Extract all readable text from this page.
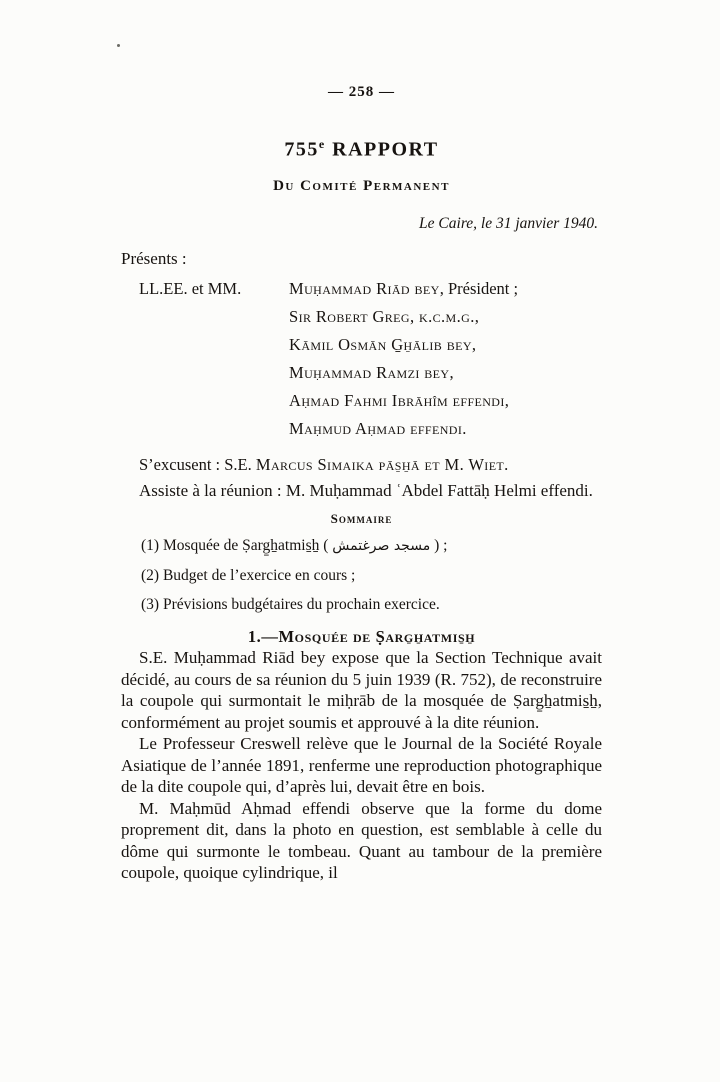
— 258 —
755e RAPPORT
Du Comité Permanent
Le Caire, le 31 janvier 1940.
Présents :
LL.EE. et MM.	Muḥammad Riād bey, Président ;
Sir Robert Greg, k.c.m.g.,
Kāmil Osmān G̱ẖālib bey,
Muḥammad Ramzi bey,
Aḥmad Fahmi Ibrāhîm effendi,
Maḥmud Aḥmad effendi.
S’excusent : S.E. Marcus Simaika pās̱ẖā et M. Wiet.

Assiste à la réunion : M. Muḥammad ʿAbdel Fattāḥ Helmi effendi.

Sommaire
(1) Mosquée de Ṣarg̱ẖatmis̱ẖ ( مسجد صرغتمش ) ;
(2) Budget de l’exercice en cours ;
(3) Prévisions budgétaires du prochain exercice.
1.—Mosquée de Ṣarg̱ẖatmis̱ẖ

S.E. Muḥammad Riād bey expose que la Section Technique avait décidé, au cours de sa réunion du 5 juin 1939 (R. 752), de reconstruire la coupole qui surmontait le miḥrāb de la mosquée de Ṣarg̱ẖatmis̱ẖ, conformément au projet soumis et approuvé à la dite réunion.

Le Professeur Creswell relève que le Journal de la Société Royale Asiatique de l’année 1891, renferme une reproduction photographique de la dite coupole qui, d’après lui, devait être en bois.

M. Maḥmūd Aḥmad effendi observe que la forme du dome proprement dit, dans la photo en question, est semblable à celle du dôme qui surmonte le tombeau. Quant au tambour de la première coupole, quoique cylindrique, il
